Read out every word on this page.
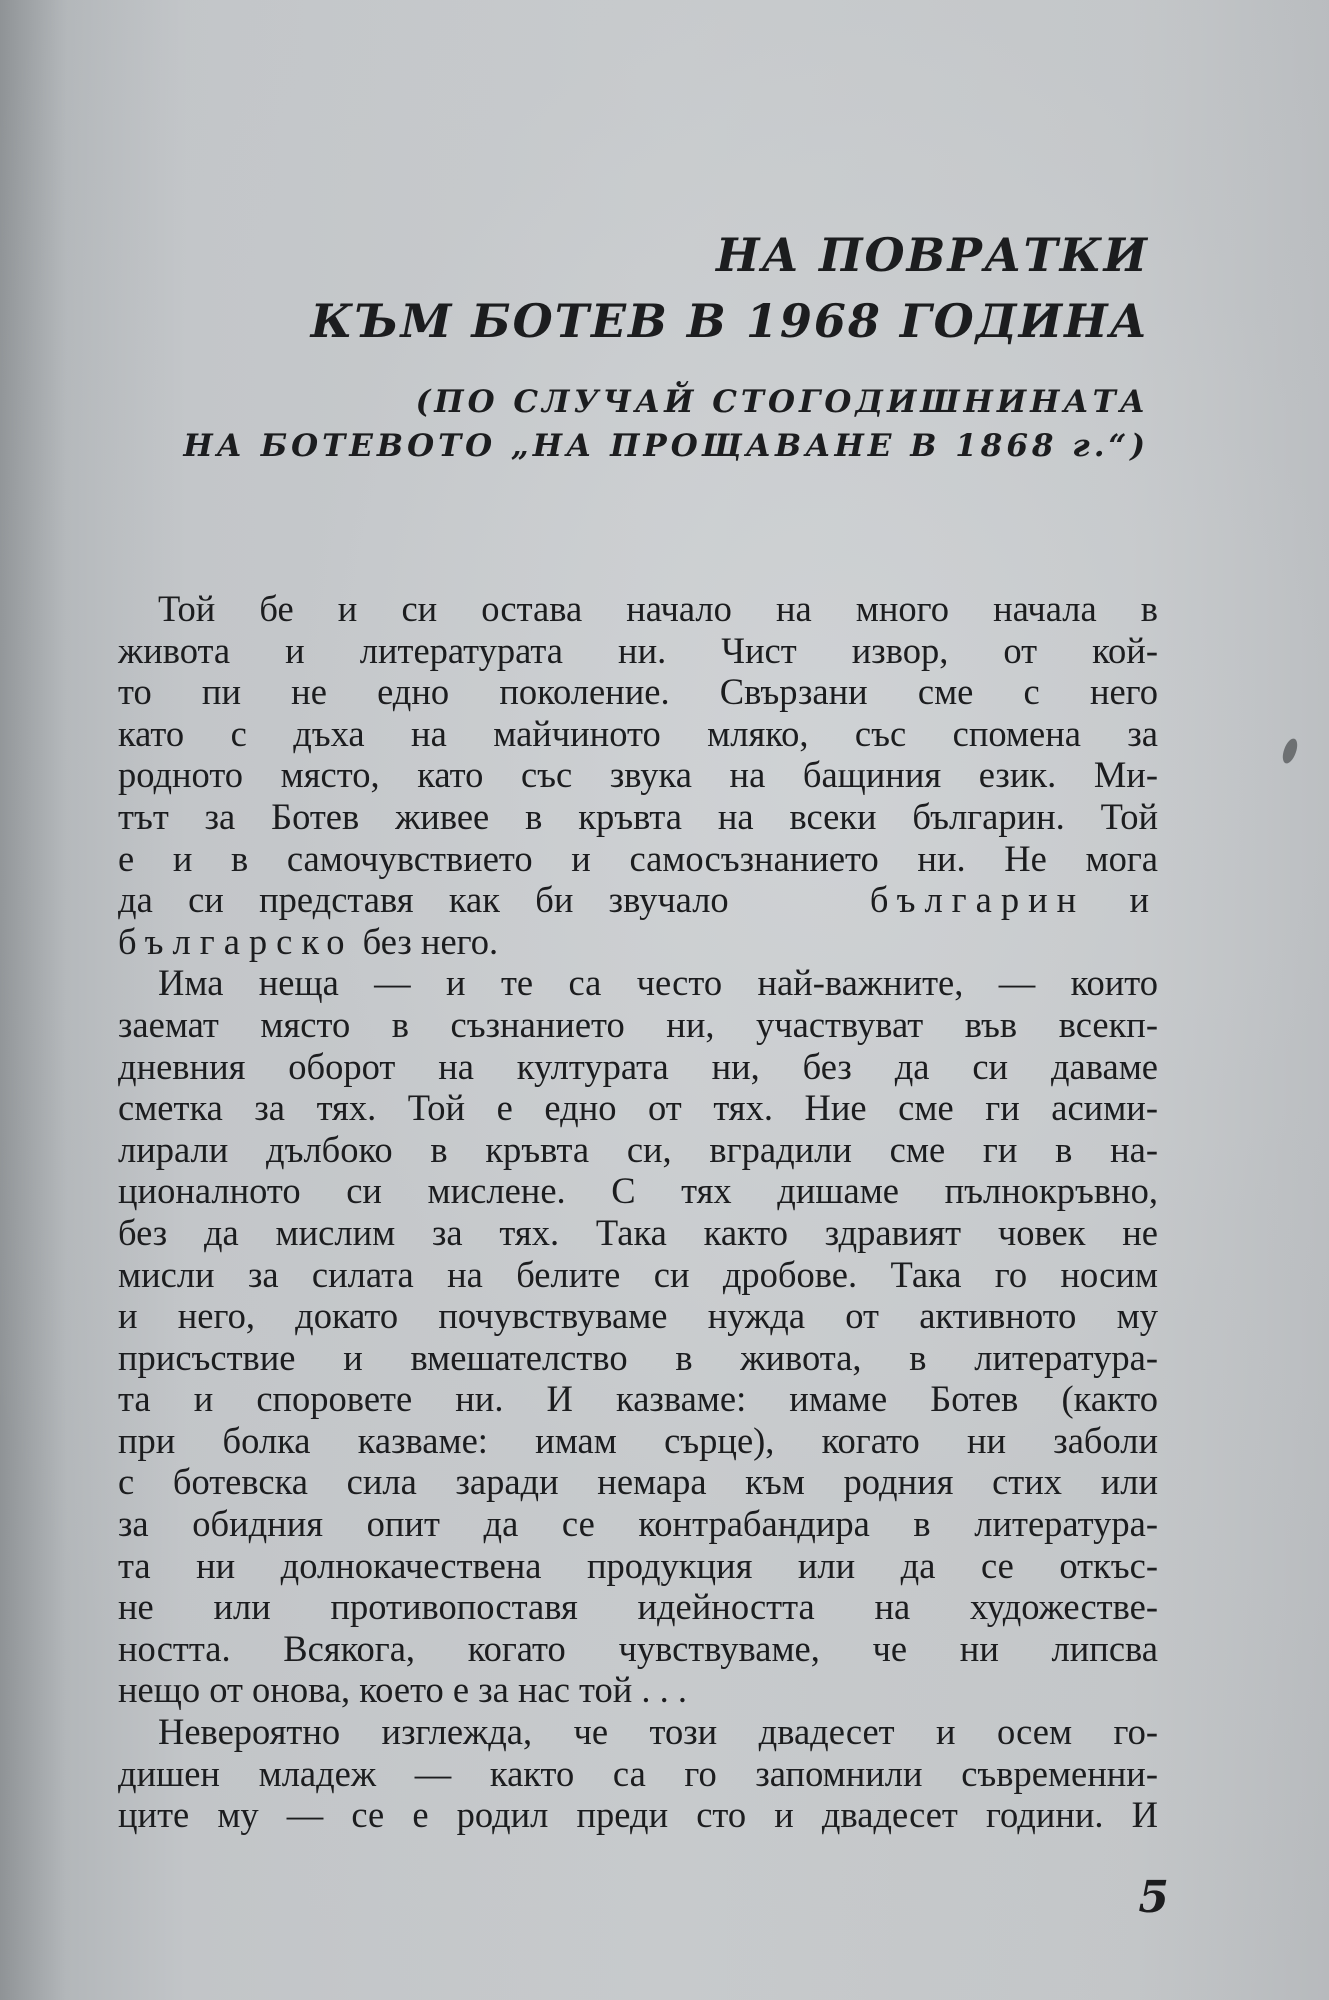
НА ПОВРАТКИ
КЪМ БОТЕВ В 1968 ГОДИНА
(ПО СЛУЧАЙ СТОГОДИШНИНАТА
НА БОТЕВОТО „НА ПРОЩАВАНЕ В 1868 г.“)
Той бе и си остава начало на много начала в
живота и литературата ни. Чист извор, от кой-
то пи не едно поколение. Свързани сме с него
като с дъха на майчиното мляко, със спомена за
родното място, като със звука на бащиния език. Ми-
тът за Ботев живее в кръвта на всеки българин. Той
е и в самочувствието и самосъзнанието ни. Не мога
да си представя как би звучало	българин и
българско без него.
Има неща — и те са често най-важните, — които
заемат място в съзнанието ни, участвуват във всекп-
дневния оборот на културата ни, без да си даваме
сметка за тях. Той е едно от тях. Ние сме ги асими-
лирали дълбоко в кръвта си, вградили сме ги в на-
ционалното си мислене. С тях дишаме пълнокръвно,
без да мислим за тях. Така както здравият човек не
мисли за силата на белите си дробове. Така го носим
и него, докато почувствуваме нужда от активното му
присъствие и вмешателство в живота, в литература-
та и споровете ни. И казваме: имаме Ботев (както
при болка казваме: имам сърце), когато ни заболи
с ботевска сила заради немара към родния стих или
за обидния опит да се контрабандира в литература-
та ни долнокачествена продукция или да се откъс-
не или противопоставя идейността на художестве-
ността. Всякога, когато чувствуваме, че ни липсва
нещо от онова, което е за нас той . . .
Невероятно изглежда, че този двадесет и осем го-
дишен младеж — както са го запомнили съвременни-
ците му — се е родил преди сто и двадесет години. И
5
